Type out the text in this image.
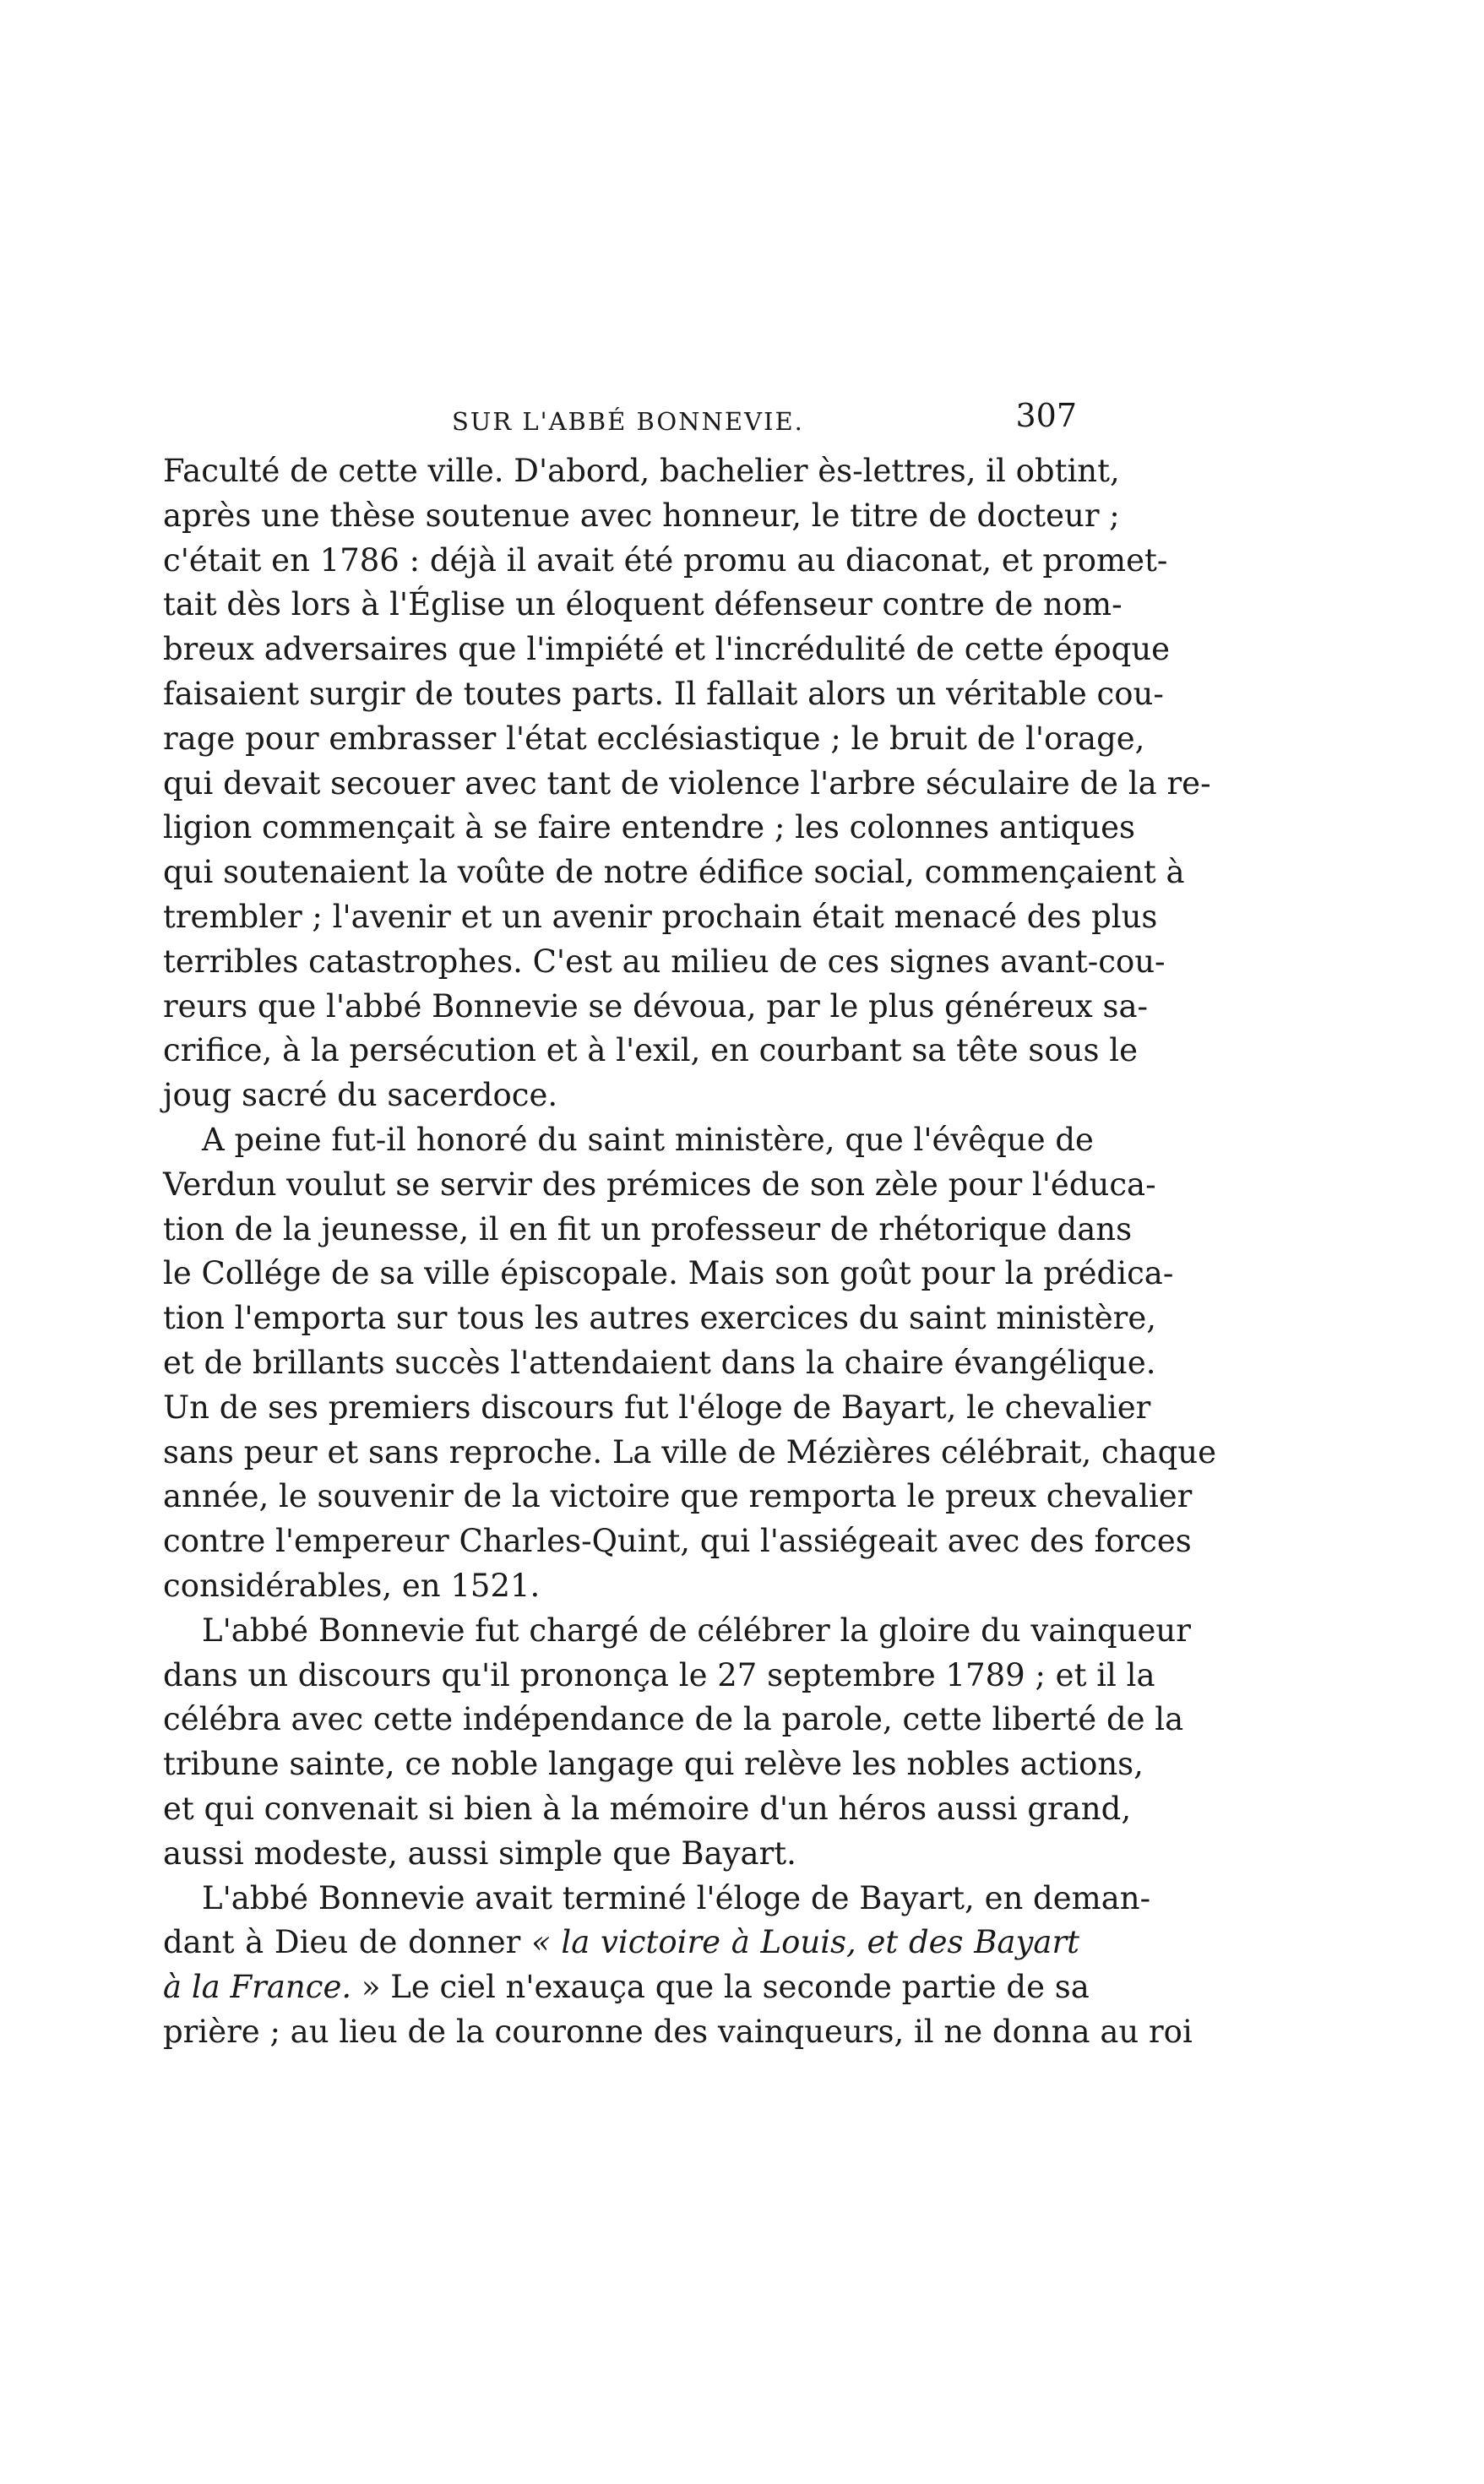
SUR L'ABBÉ BONNEVIE.	307
Faculté de cette ville. D'abord, bachelier ès-lettres, il obtint,
après une thèse soutenue avec honneur, le titre de docteur ;
c'était en 1786 : déjà il avait été promu au diaconat, et promet-
tait dès lors à l'Église un éloquent défenseur contre de nom-
breux adversaires que l'impiété et l'incrédulité de cette époque
faisaient surgir de toutes parts. Il fallait alors un véritable cou-
rage pour embrasser l'état ecclésiastique ; le bruit de l'orage,
qui devait secouer avec tant de violence l'arbre séculaire de la re-
ligion commençait à se faire entendre ; les colonnes antiques
qui soutenaient la voûte de notre édifice social, commençaient à
trembler ; l'avenir et un avenir prochain était menacé des plus
terribles catastrophes. C'est au milieu de ces signes avant-cou-
reurs que l'abbé Bonnevie se dévoua, par le plus généreux sa-
crifice, à la persécution et à l'exil, en courbant sa tête sous le
joug sacré du sacerdoce.
A peine fut-il honoré du saint ministère, que l'évêque de
Verdun voulut se servir des prémices de son zèle pour l'éduca-
tion de la jeunesse, il en fit un professeur de rhétorique dans
le Collége de sa ville épiscopale. Mais son goût pour la prédica-
tion l'emporta sur tous les autres exercices du saint ministère,
et de brillants succès l'attendaient dans la chaire évangélique.
Un de ses premiers discours fut l'éloge de Bayart, le chevalier
sans peur et sans reproche. La ville de Mézières célébrait, chaque
année, le souvenir de la victoire que remporta le preux chevalier
contre l'empereur Charles-Quint, qui l'assiégeait avec des forces
considérables, en 1521.
L'abbé Bonnevie fut chargé de célébrer la gloire du vainqueur
dans un discours qu'il prononça le 27 septembre 1789 ; et il la
célébra avec cette indépendance de la parole, cette liberté de la
tribune sainte, ce noble langage qui relève les nobles actions,
et qui convenait si bien à la mémoire d'un héros aussi grand,
aussi modeste, aussi simple que Bayart.
L'abbé Bonnevie avait terminé l'éloge de Bayart, en deman-
dant à Dieu de donner « la victoire à Louis, et des Bayart
à la France. » Le ciel n'exauça que la seconde partie de sa
prière ; au lieu de la couronne des vainqueurs, il ne donna au roi
